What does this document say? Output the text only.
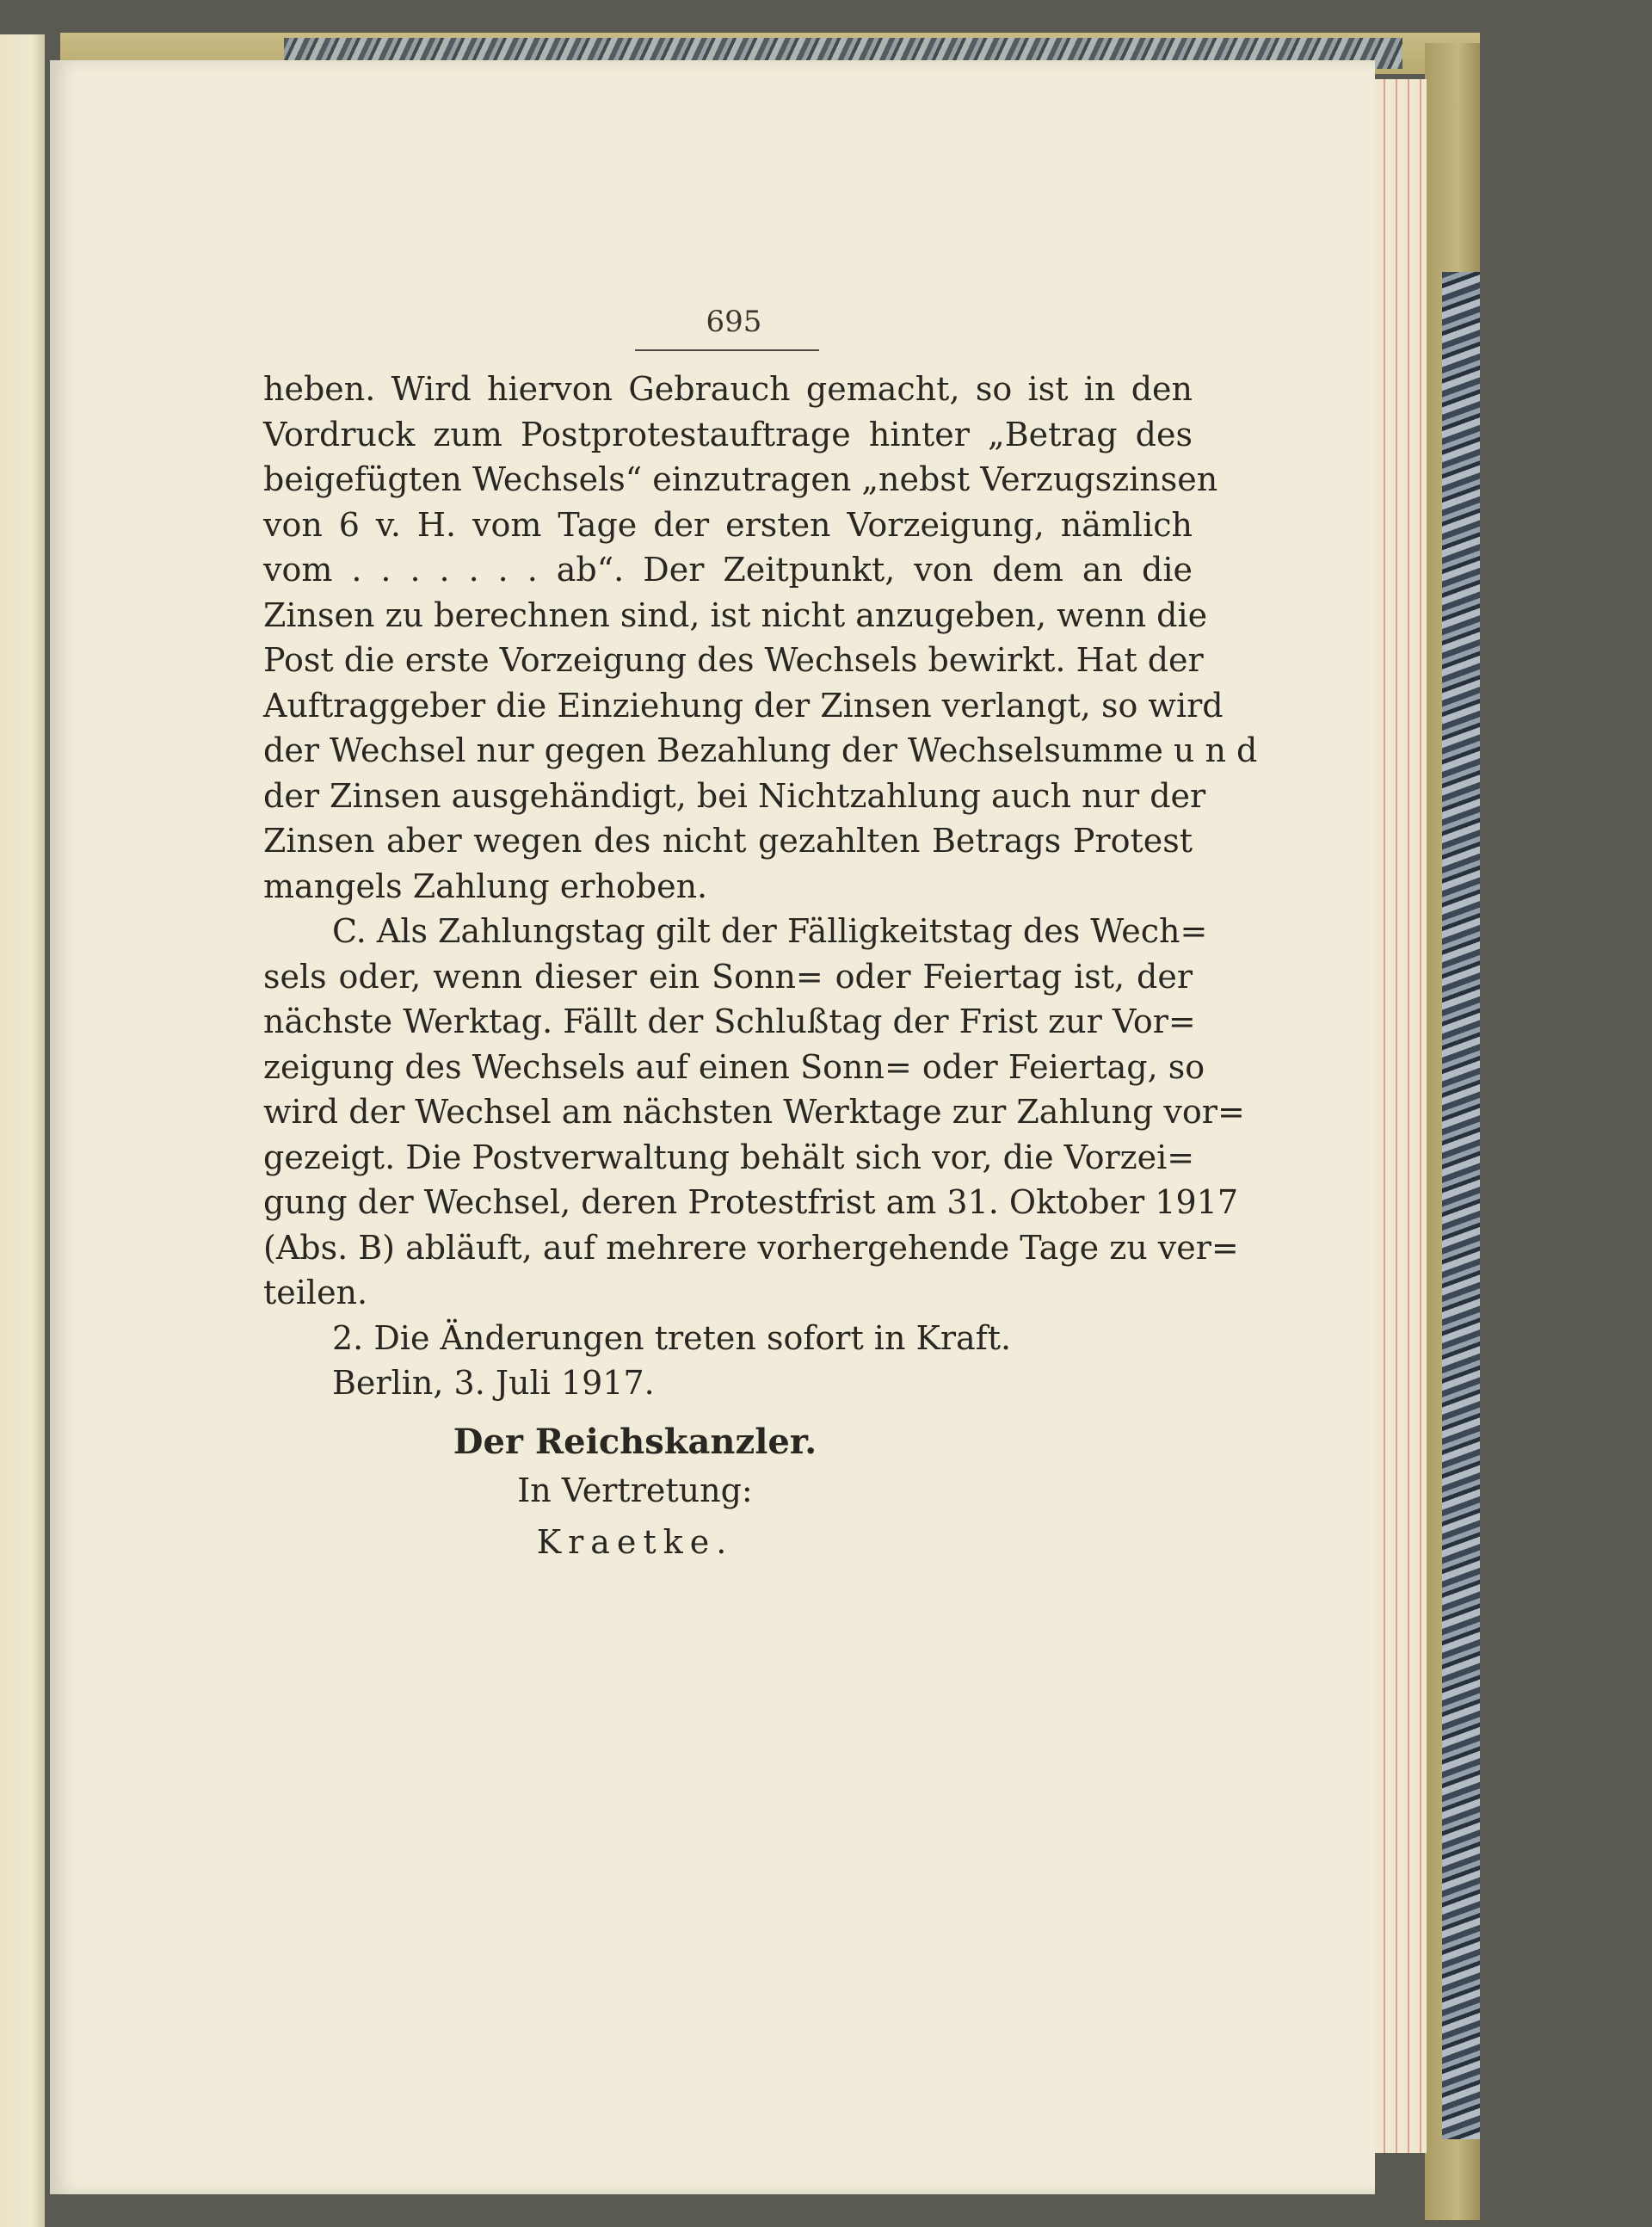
695
heben. Wird hiervon Gebrauch gemacht, so ist in den
Vordruck zum Postprotestauftrage hinter „Betrag des
beigefügten Wechsels“ einzutragen „nebst Verzugszinsen
von 6 v. H. vom Tage der ersten Vorzeigung, nämlich
vom . . . . . . . ab“. Der Zeitpunkt, von dem an die
Zinsen zu berechnen sind, ist nicht anzugeben, wenn die
Post die erste Vorzeigung des Wechsels bewirkt. Hat der
Auftraggeber die Einziehung der Zinsen verlangt, so wird
der Wechsel nur gegen Bezahlung der Wechselsumme u n d
der Zinsen ausgehändigt, bei Nichtzahlung auch nur der
Zinsen aber wegen des nicht gezahlten Betrags Protest
mangels Zahlung erhoben.
C. Als Zahlungstag gilt der Fälligkeitstag des Wech=
sels oder, wenn dieser ein Sonn= oder Feiertag ist, der
nächste Werktag. Fällt der Schlußtag der Frist zur Vor=
zeigung des Wechsels auf einen Sonn= oder Feiertag, so
wird der Wechsel am nächsten Werktage zur Zahlung vor=
gezeigt. Die Postverwaltung behält sich vor, die Vorzei=
gung der Wechsel, deren Protestfrist am 31. Oktober 1917
(Abs. B) abläuft, auf mehrere vorhergehende Tage zu ver=
teilen.
2. Die Änderungen treten sofort in Kraft.
Berlin, 3. Juli 1917.
Der Reichskanzler.
In Vertretung:
Kraetke.
